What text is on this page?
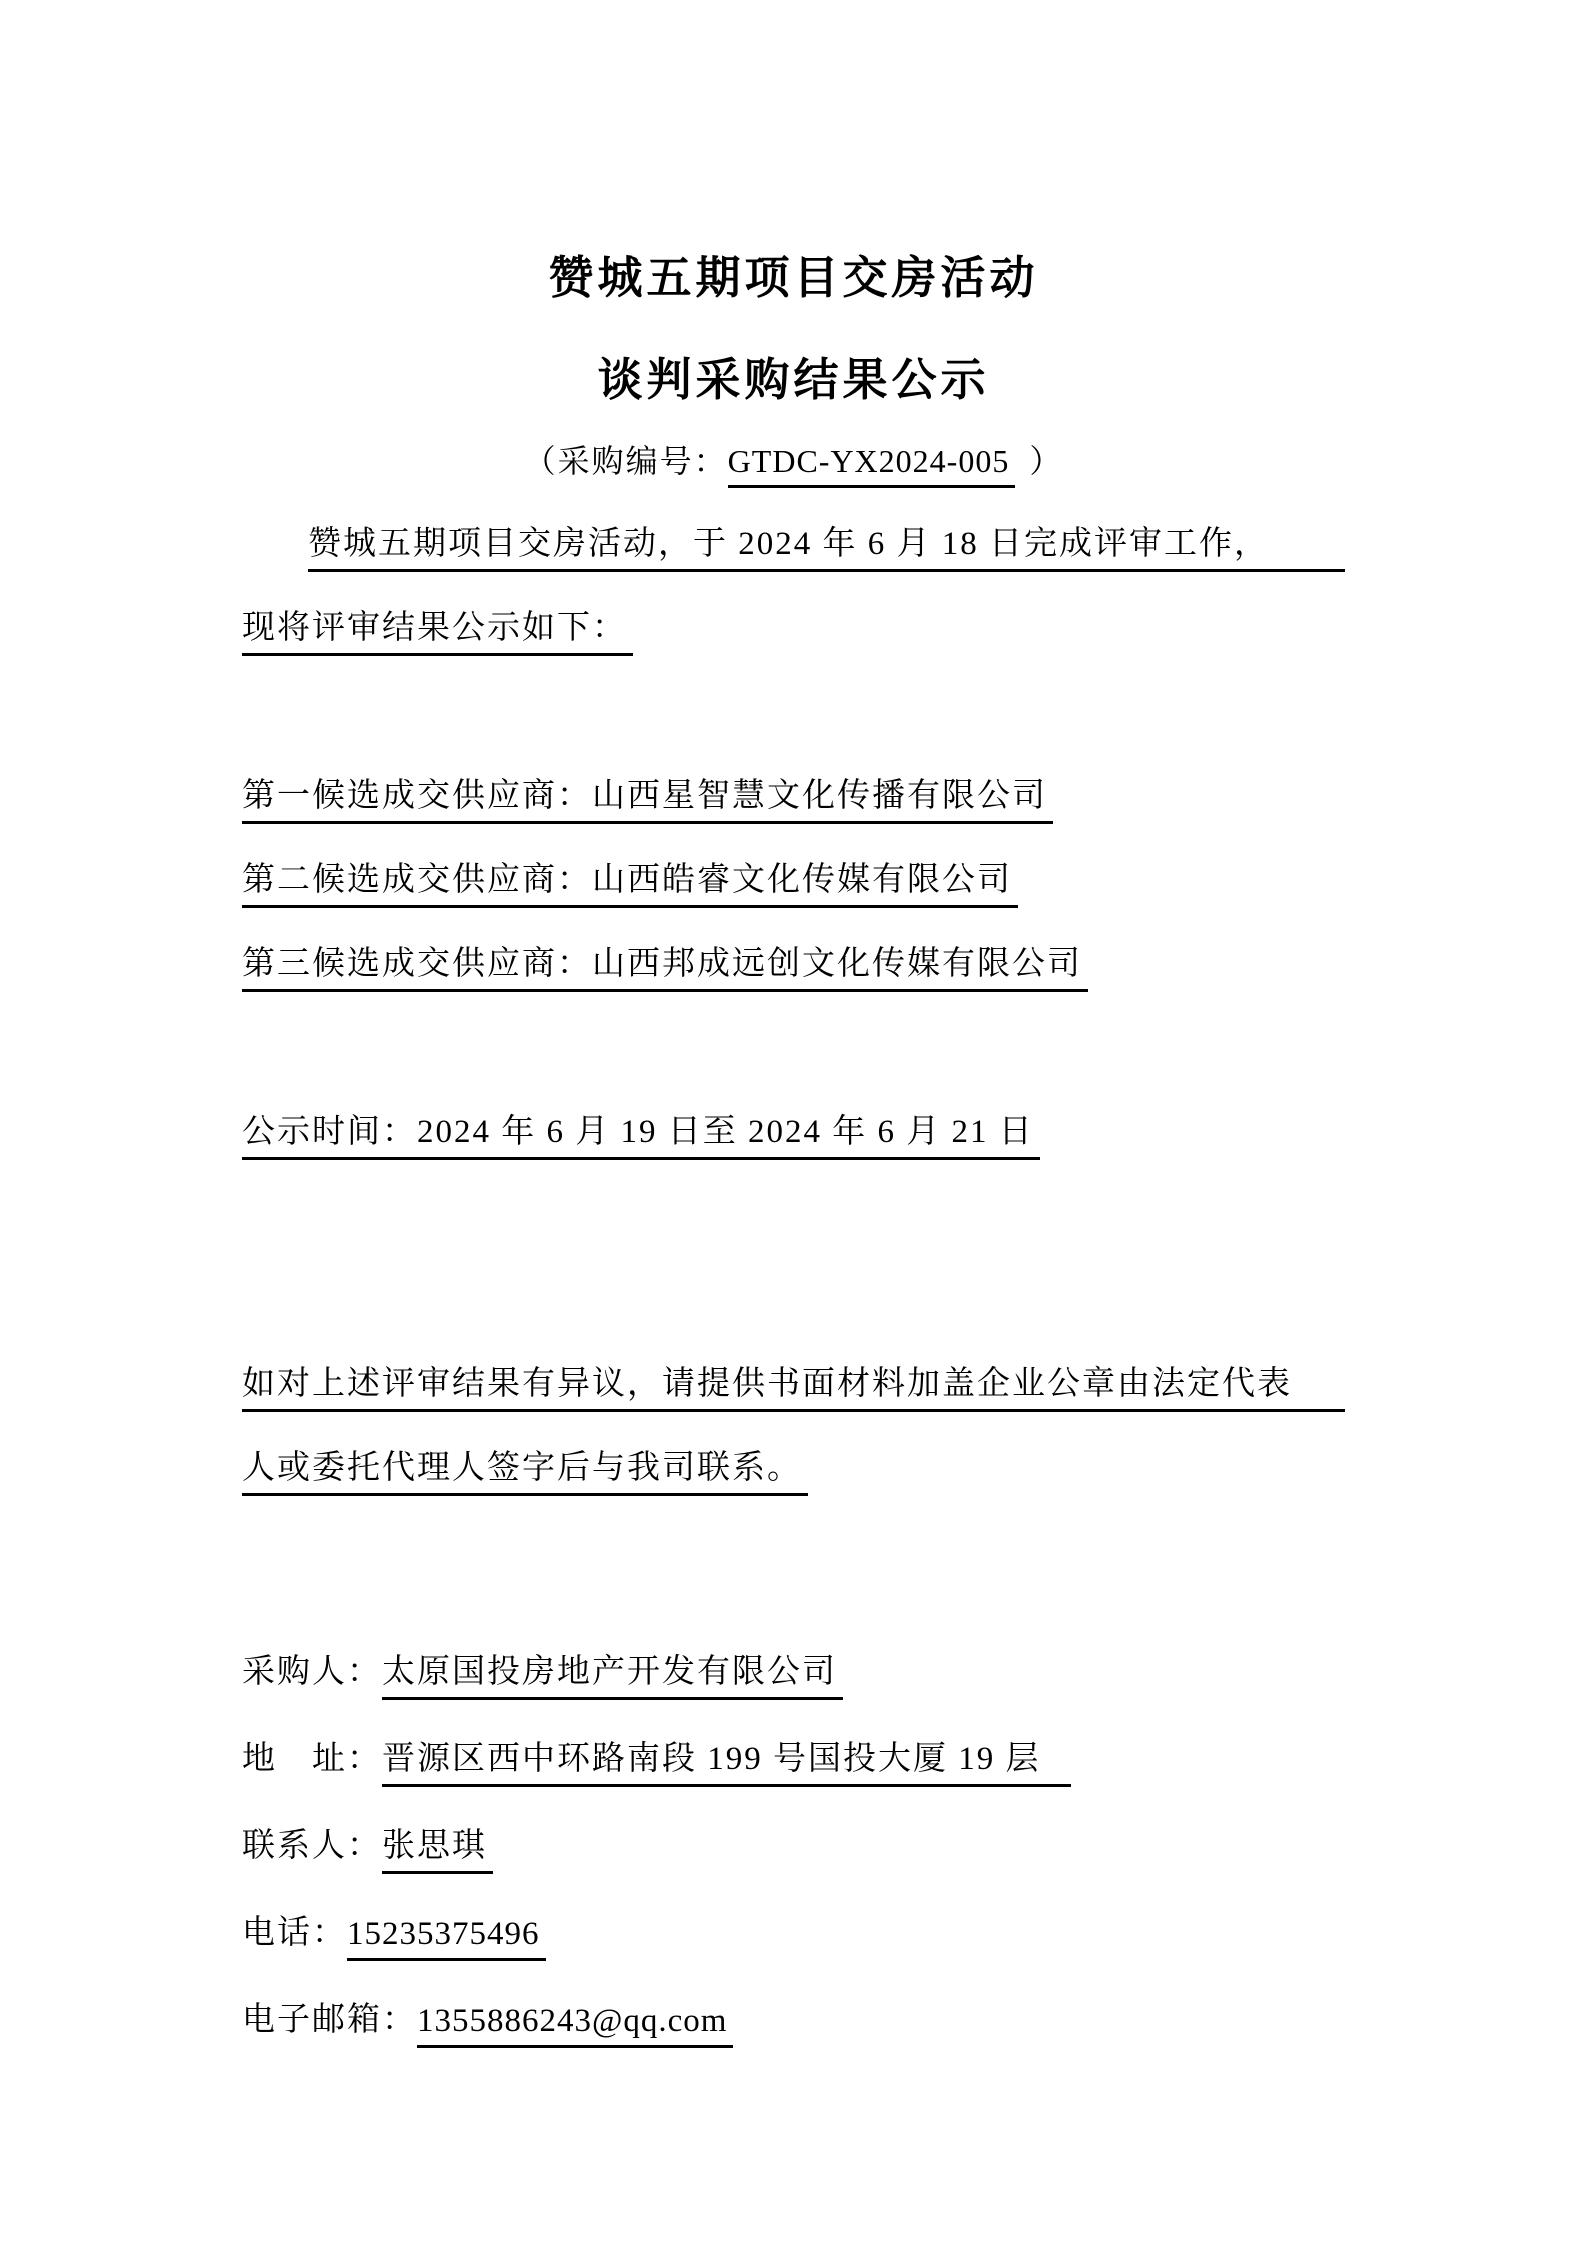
赞城五期项目交房活动
谈判采购结果公示
（采购编号： GTDC-YX2024-005 ）
赞城五期项目交房活动，于 2024 年 6 月 18 日完成评审工作，
现将评审结果公示如下：
第一候选成交供应商：山西星智慧文化传播有限公司
第二候选成交供应商：山西皓睿文化传媒有限公司
第三候选成交供应商：山西邦成远创文化传媒有限公司
公示时间：2024 年 6 月 19 日至 2024 年 6 月 21 日
如对上述评审结果有异议，请提供书面材料加盖企业公章由法定代表
人或委托代理人签字后与我司联系。
采购人： 太原国投房地产开发有限公司
地　址： 晋源区西中环路南段 199 号国投大厦 19 层
联系人： 张思琪
电话： 15235375496
电子邮箱： 1355886243@qq.com
